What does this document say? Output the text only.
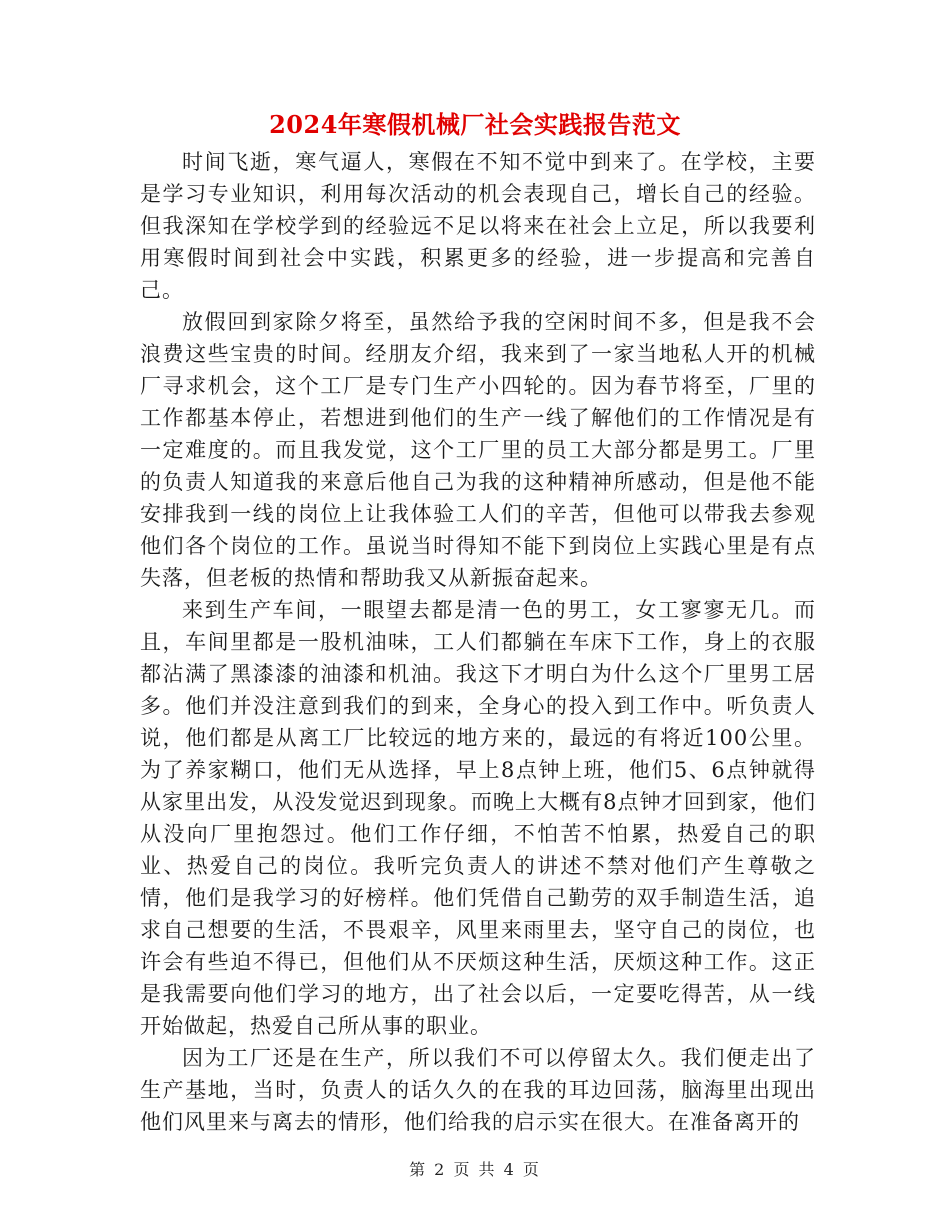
2024年寒假机械厂社会实践报告范文

时间飞逝，寒气逼人，寒假在不知不觉中到来了。在学校，主要是学习专业知识，利用每次活动的机会表现自己，增长自己的经验。但我深知在学校学到的经验远不足以将来在社会上立足，所以我要利用寒假时间到社会中实践，积累更多的经验，进一步提高和完善自己。

放假回到家除夕将至，虽然给予我的空闲时间不多，但是我不会浪费这些宝贵的时间。经朋友介绍，我来到了一家当地私人开的机械厂寻求机会，这个工厂是专门生产小四轮的。因为春节将至，厂里的工作都基本停止，若想进到他们的生产一线了解他们的工作情况是有一定难度的。而且我发觉，这个工厂里的员工大部分都是男工。厂里的负责人知道我的来意后他自己为我的这种精神所感动，但是他不能安排我到一线的岗位上让我体验工人们的辛苦，但他可以带我去参观他们各个岗位的工作。虽说当时得知不能下到岗位上实践心里是有点失落，但老板的热情和帮助我又从新振奋起来。

来到生产车间，一眼望去都是清一色的男工，女工寥寥无几。而且，车间里都是一股机油味，工人们都躺在车床下工作，身上的衣服都沾满了黑漆漆的油漆和机油。我这下才明白为什么这个厂里男工居多。他们并没注意到我们的到来，全身心的投入到工作中。听负责人说，他们都是从离工厂比较远的地方来的，最远的有将近100公里。为了养家糊口，他们无从选择，早上8点钟上班，他们5、6点钟就得从家里出发，从没发觉迟到现象。而晚上大概有8点钟才回到家，他们从没向厂里抱怨过。他们工作仔细，不怕苦不怕累，热爱自己的职业、热爱自己的岗位。我听完负责人的讲述不禁对他们产生尊敬之情，他们是我学习的好榜样。他们凭借自己勤劳的双手制造生活，追求自己想要的生活，不畏艰辛，风里来雨里去，坚守自己的岗位，也许会有些迫不得已，但他们从不厌烦这种生活，厌烦这种工作。这正是我需要向他们学习的地方，出了社会以后，一定要吃得苦，从一线开始做起，热爱自己所从事的职业。

因为工厂还是在生产，所以我们不可以停留太久。我们便走出了生产基地，当时，负责人的话久久的在我的耳边回荡，脑海里出现出他们风里来与离去的情形，他们给我的启示实在很大。在准备离开的

第 2 页 共 4 页
